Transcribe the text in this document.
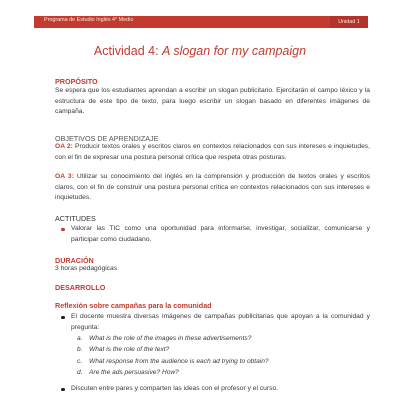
Programa de Estudio Inglés 4° Medio	Unidad 1
Actividad 4: A slogan for my campaign
PROPÓSITO
Se espera que los estudiantes aprendan a escribir un slogan publicitario. Ejercitarán el campo léxico y la estructura de este tipo de texto, para luego escribir un slogan basado en diferentes imágenes de campaña.
OBJETIVOS DE APRENDIZAJE
OA 2: Producir textos orales y escritos claros en contextos relacionados con sus intereses e inquietudes, con el fin de expresar una postura personal crítica que respeta otras posturas.
OA 3: Utilizar su conocimiento del inglés en la comprensión y producción de textos orales y escritos claros, con el fin de construir una postura personal crítica en contextos relacionados con sus intereses e inquietudes.
ACTITUDES
Valorar las TIC como una oportunidad para informarse, investigar, socializar, comunicarse y participar como ciudadano.
DURACIÓN
3 horas pedagógicas
DESARROLLO
Reflexión sobre campañas para la comunidad
El docente muestra diversas imágenes de campañas publicitarias que apoyan a la comunidad y pregunta:
a. What is the role of the images in these advertisements?
b. What is the role of the text?
c. What response from the audience is each ad trying to obtain?
d. Are the ads persuasive? How?
Discuten entre pares y comparten las ideas con el profesor y el curso.
